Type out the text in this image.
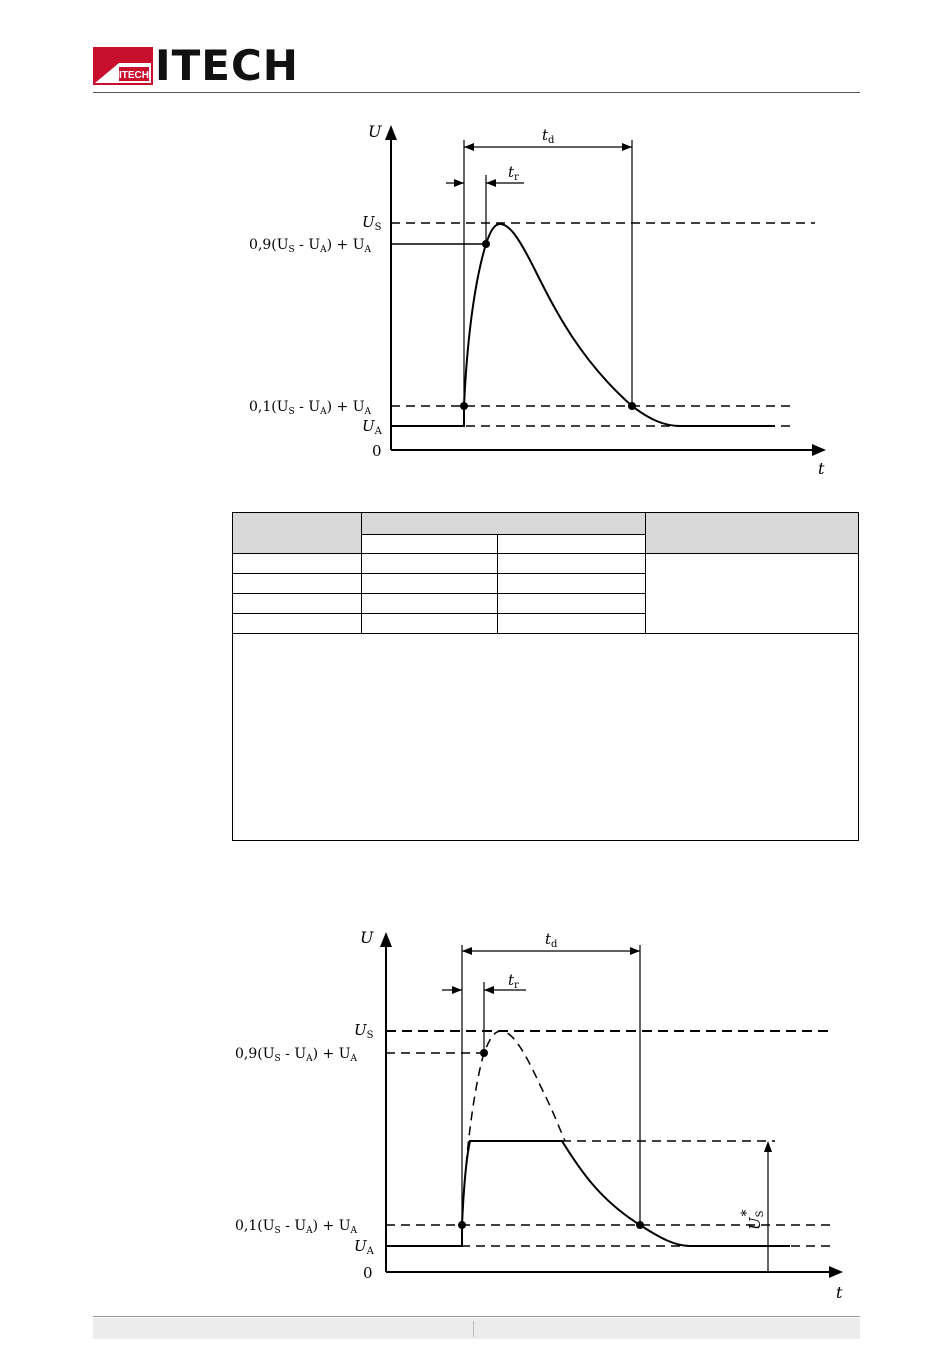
ITECH ITECH
U
t
0
$U_S$
$0,9(U_S - U_A) + U_A$
$0,1(U_S - U_A) + U_A$
$U_A$
$t_d$
$t_r$

U
t
0
$U_S$
$0,9(U_S - U_A) + U_A$
$0,1(U_S - U_A) + U_A$
$U_A$
$t_d$
$t_r$
$U_S*$
